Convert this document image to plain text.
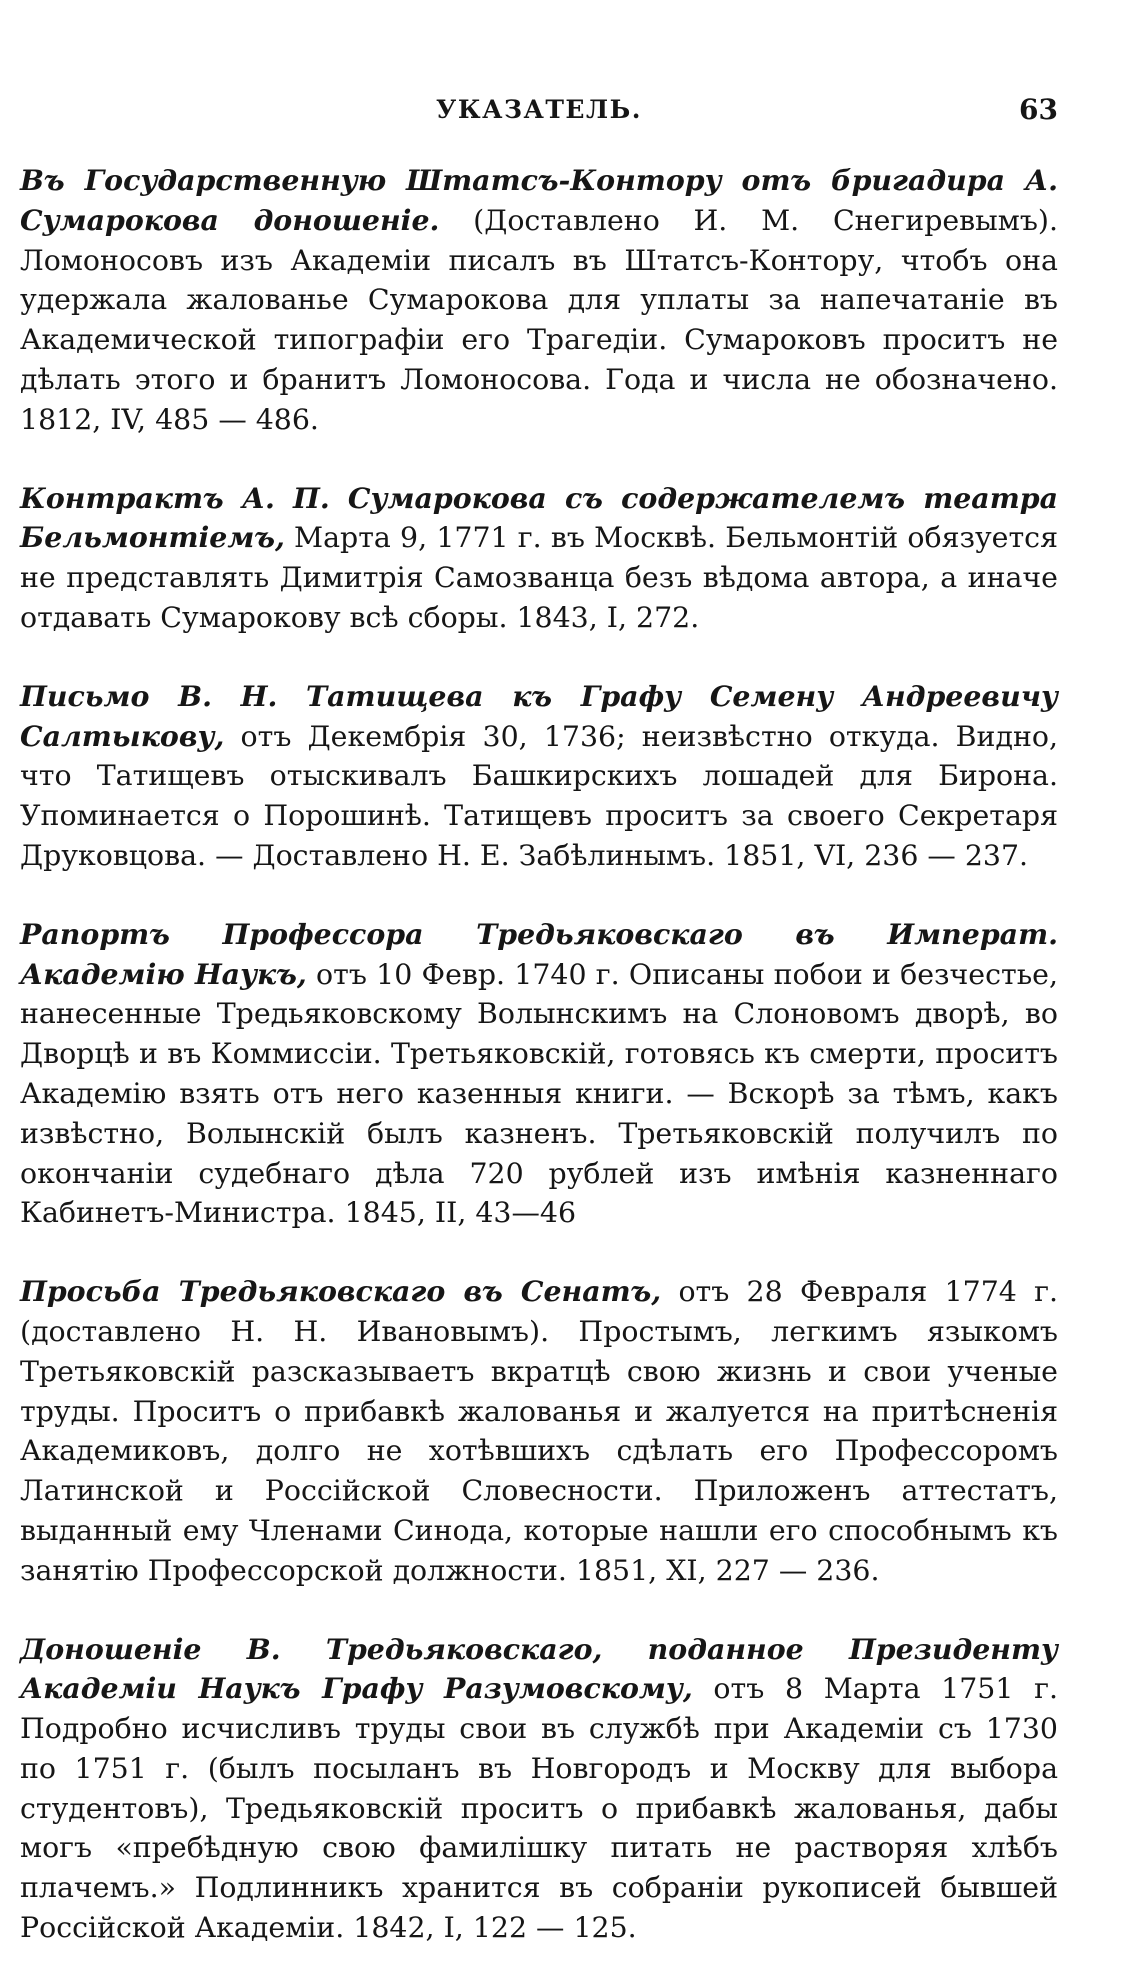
УКАЗАТЕЛЬ.	63

Въ Государственную Штатсъ-Контору отъ бригадира А. Сумарокова доношеніе. (Доставлено И. М. Снегиревымъ). Ломоносовъ изъ Академіи писалъ въ Штатсъ-Контору, чтобъ она удержала жалованье Сумарокова для уплаты за напечатаніе въ Академической типографіи его Трагедіи. Сумароковъ проситъ не дѣлать этого и бранитъ Ломоносова. Года и числа не обозначено. 1812, IV, 485 — 486.

Контрактъ А. П. Сумарокова съ содержателемъ театра Бельмонтіемъ, Марта 9, 1771 г. въ Москвѣ. Бельмонтій обязуется не представлять Димитрія Самозванца безъ вѣдома автора, а иначе отдавать Сумарокову всѣ сборы. 1843, I, 272.

Письмо В. Н. Татищева къ Графу Семену Андреевичу Салтыкову, отъ Декембрія 30, 1736; неизвѣстно откуда. Видно, что Татищевъ отыскивалъ Башкирскихъ лошадей для Бирона. Упоминается о Порошинѣ. Татищевъ проситъ за своего Секретаря Друковцова. — Доставлено Н. Е. Забѣлинымъ. 1851, VI, 236 — 237.

Рапортъ Профессора Тредьяковскаго въ Императ. Академію Наукъ, отъ 10 Февр. 1740 г. Описаны побои и безчестье, нанесенные Тредьяковскому Волынскимъ на Слоновомъ дворѣ, во Дворцѣ и въ Коммиссіи. Третьяковскій, готовясь къ смерти, проситъ Академію взять отъ него казенныя книги. — Вскорѣ за тѣмъ, какъ извѣстно, Волынскій былъ казненъ. Третьяковскій получилъ по окончаніи судебнаго дѣла 720 рублей изъ имѣнія казненнаго Кабинетъ-Министра. 1845, II, 43—46

Просьба Тредьяковскаго въ Сенатъ, отъ 28 Февраля 1774 г. (доставлено Н. Н. Ивановымъ). Простымъ, легкимъ языкомъ Третьяковскій разсказываетъ вкратцѣ свою жизнь и свои ученые труды. Проситъ о прибавкѣ жалованья и жалуется на притѣсненія Академиковъ, долго не хотѣвшихъ сдѣлать его Профессоромъ Латинской и Россійской Словесности. Приложенъ аттестатъ, выданный ему Членами Синода, которые нашли его способнымъ къ занятію Профессорской должности. 1851, XI, 227 — 236.

Доношеніе В. Тредьяковскаго, поданное Президенту Академіи Наукъ Графу Разумовскому, отъ 8 Марта 1751 г. Подробно исчисливъ труды свои въ службѣ при Академіи съ 1730 по 1751 г. (былъ посыланъ въ Новгородъ и Москву для выбора студентовъ), Тредьяковскій проситъ о прибавкѣ жалованья, дабы могъ «пребѣдную свою фамилішку питать не растворяя хлѣбъ плачемъ.» Подлинникъ хранится въ собраніи рукописей бывшей Россійской Академіи. 1842, I, 122 — 125.
